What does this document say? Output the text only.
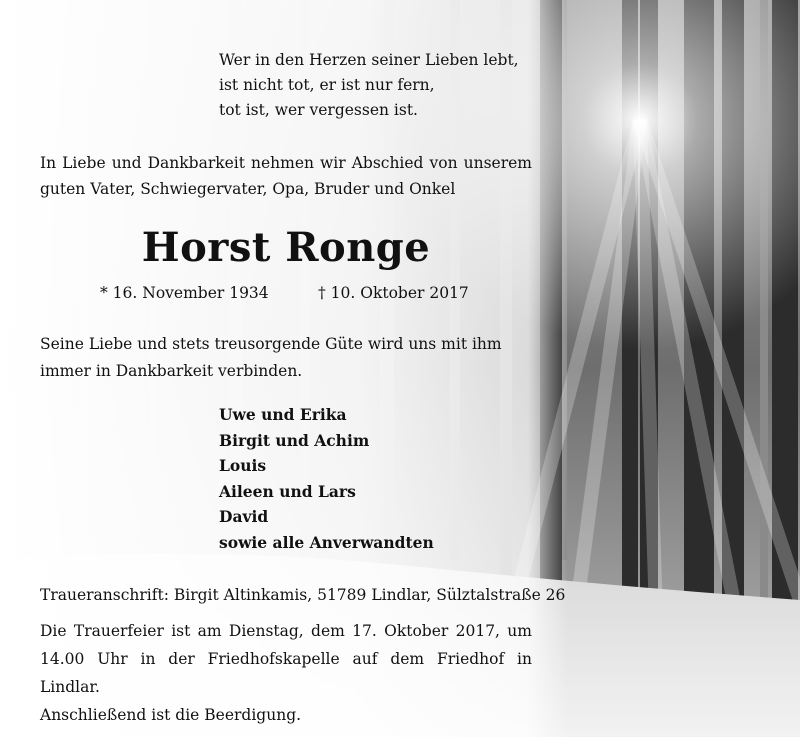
Wer in den Herzen seiner Lieben lebt,
ist nicht tot, er ist nur fern,
tot ist, wer vergessen ist.
In Liebe und Dankbarkeit nehmen wir Abschied von unserem guten Vater, Schwiegervater, Opa, Bruder und Onkel
Horst Ronge
* 16. November 1934	† 10. Oktober 2017
Seine Liebe und stets treusorgende Güte wird uns mit ihm immer in Dankbarkeit verbinden.
Uwe und Erika
Birgit und Achim
Louis
Aileen und Lars
David
sowie alle Anverwandten
Traueranschrift: Birgit Altinkamis, 51789 Lindlar, Sülztalstraße 26
Die Trauerfeier ist am Dienstag, dem 17. Oktober 2017, um
14.00 Uhr in der Friedhofskapelle auf dem Friedhof in Lindlar.
Anschließend ist die Beerdigung.
